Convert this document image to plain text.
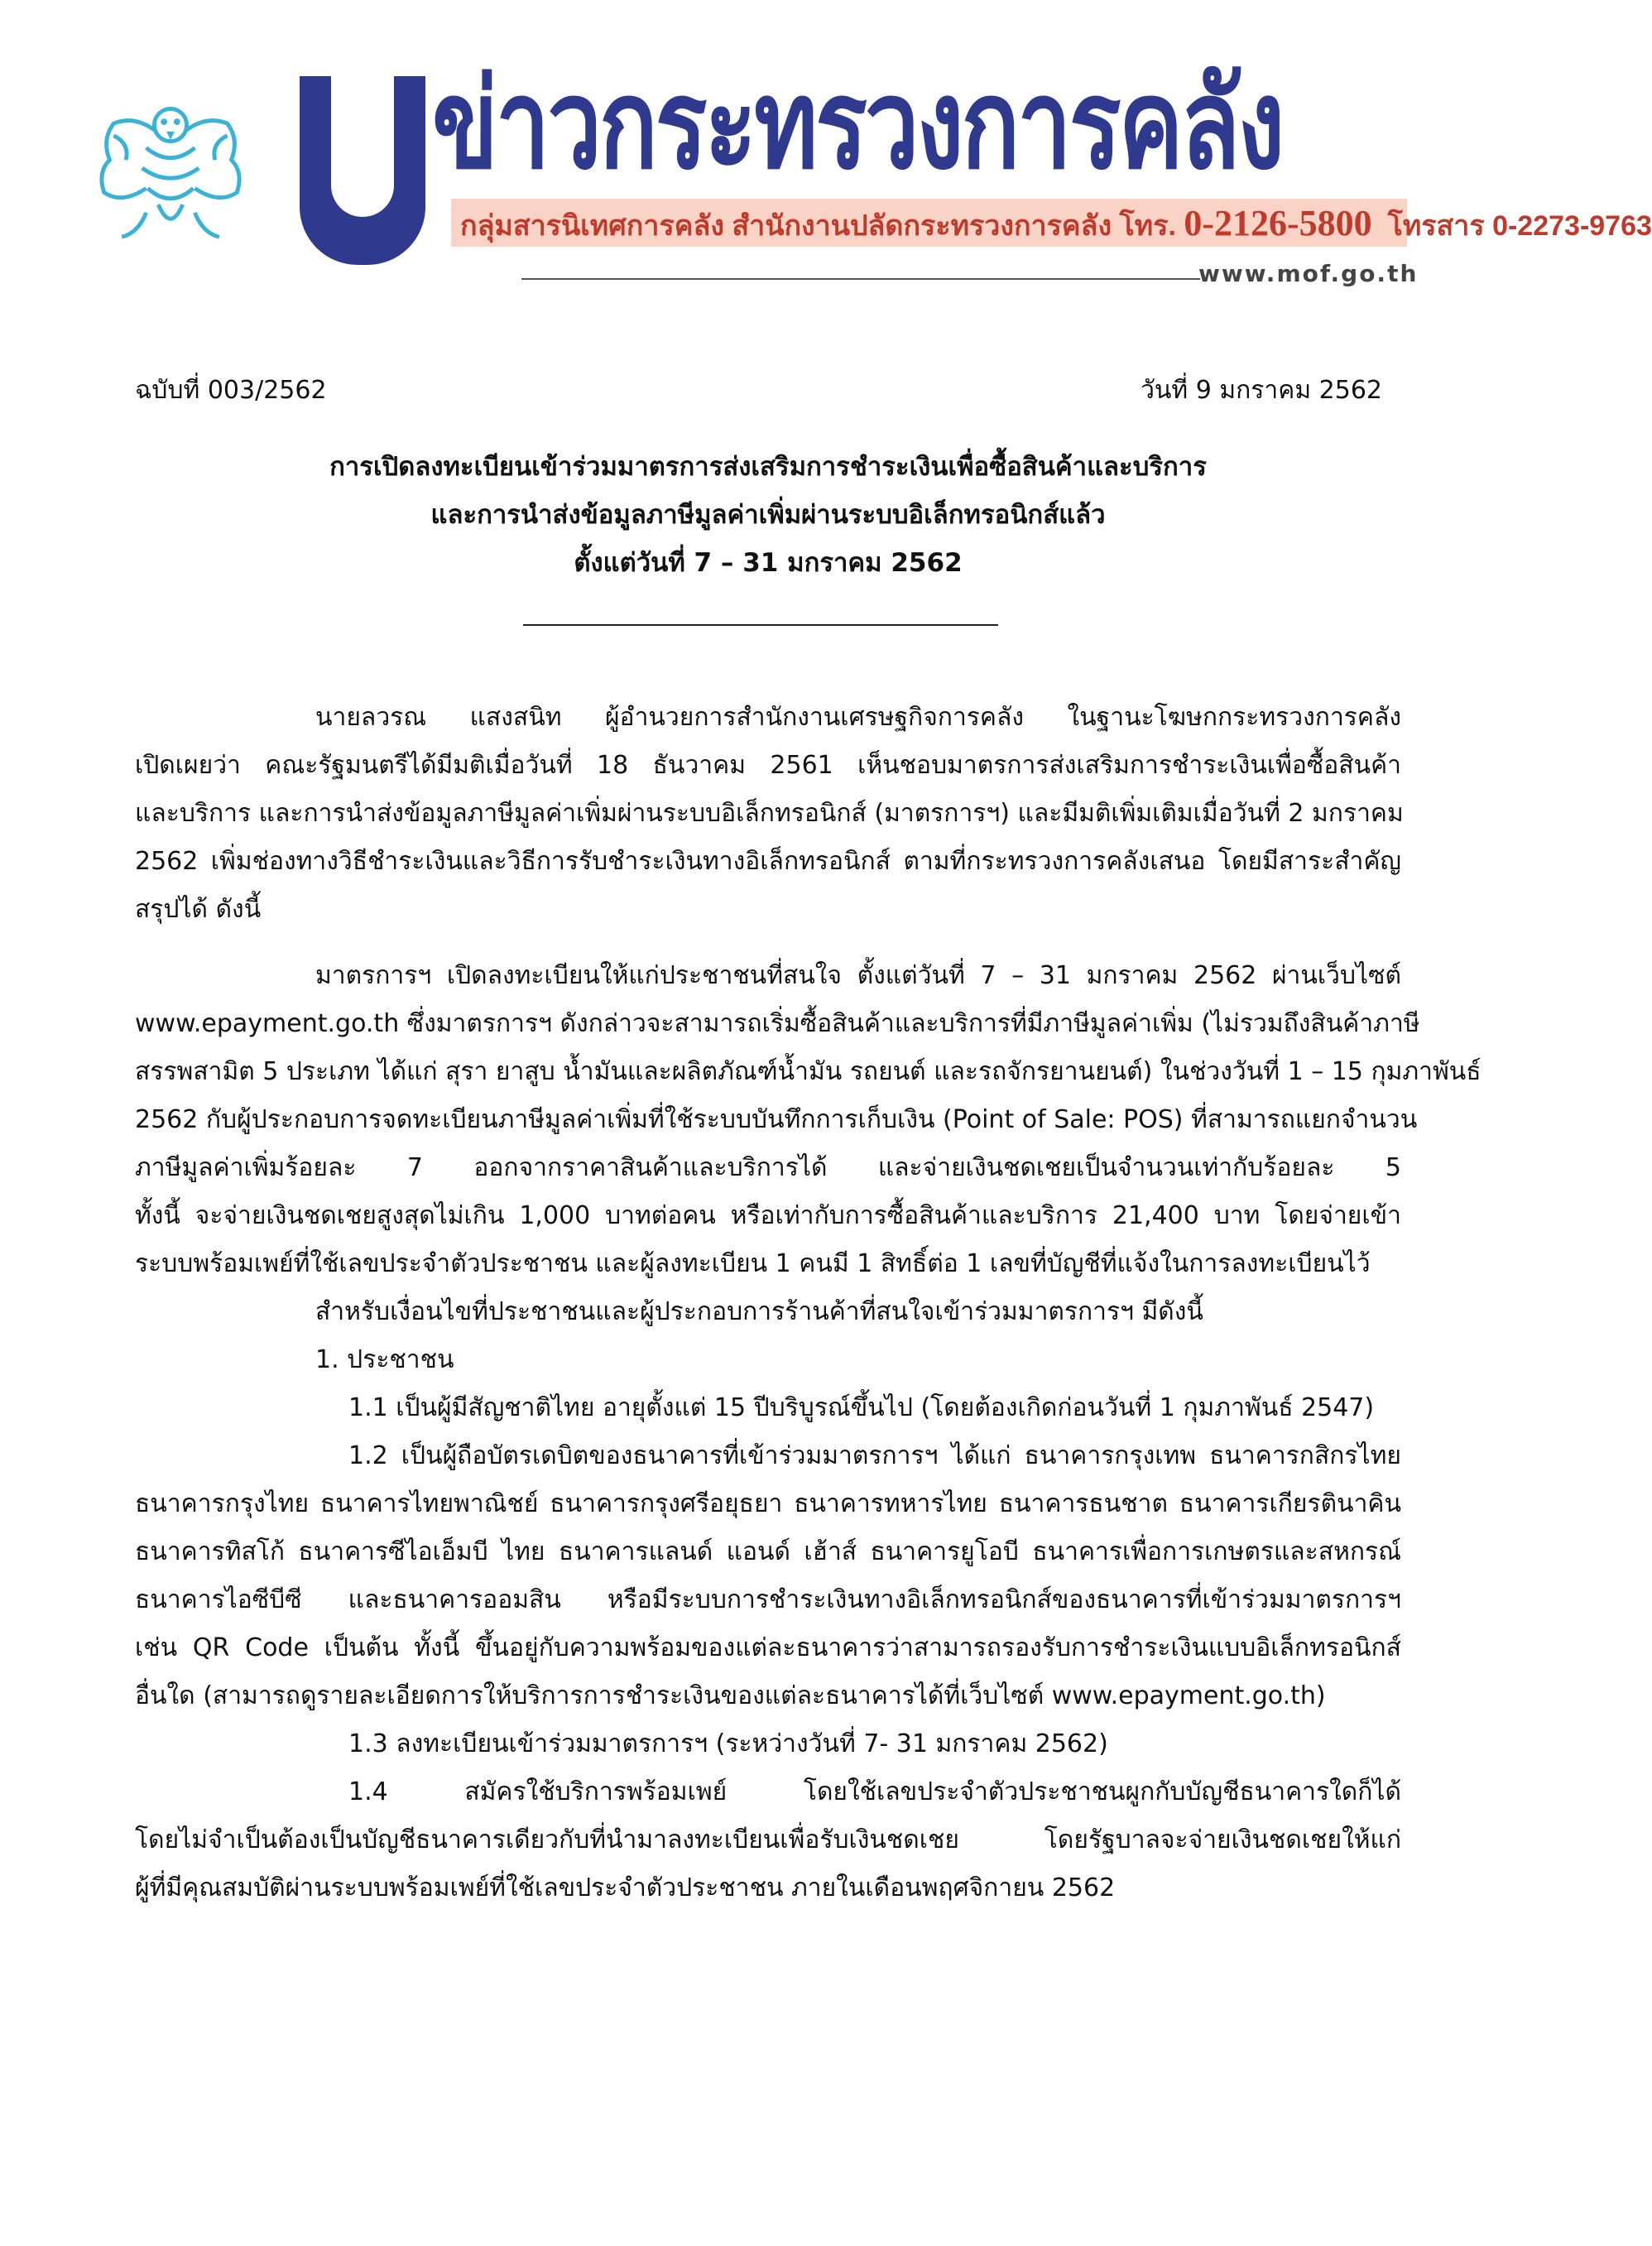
ข่าวกระทรวงการคลัง
กลุ่มสารนิเทศการคลัง สำนักงานปลัดกระทรวงการคลัง โทร. 0-2126-5800 โทรสาร 0-2273-9763
www.mof.go.th
ฉบับที่ 003/2562	วันที่ 9 มกราคม 2562
การเปิดลงทะเบียนเข้าร่วมมาตรการส่งเสริมการชำระเงินเพื่อซื้อสินค้าและบริการ
และการนำส่งข้อมูลภาษีมูลค่าเพิ่มผ่านระบบอิเล็กทรอนิกส์แล้ว
ตั้งแต่วันที่ 7 – 31 มกราคม 2562
นายลวรณ แสงสนิท ผู้อำนวยการสำนักงานเศรษฐกิจการคลัง ในฐานะโฆษกกระทรวงการคลัง
เปิดเผยว่า คณะรัฐมนตรีได้มีมติเมื่อวันที่ 18 ธันวาคม 2561 เห็นชอบมาตรการส่งเสริมการชำระเงินเพื่อซื้อสินค้า
และบริการ และการนำส่งข้อมูลภาษีมูลค่าเพิ่มผ่านระบบอิเล็กทรอนิกส์ (มาตรการฯ) และมีมติเพิ่มเติมเมื่อวันที่ 2 มกราคม
2562 เพิ่มช่องทางวิธีชำระเงินและวิธีการรับชำระเงินทางอิเล็กทรอนิกส์ ตามที่กระทรวงการคลังเสนอ โดยมีสาระสำคัญ
สรุปได้ ดังนี้
มาตรการฯ เปิดลงทะเบียนให้แก่ประชาชนที่สนใจ ตั้งแต่วันที่ 7 – 31 มกราคม 2562 ผ่านเว็บไซต์
www.epayment.go.th ซึ่งมาตรการฯ ดังกล่าวจะสามารถเริ่มซื้อสินค้าและบริการที่มีภาษีมูลค่าเพิ่ม (ไม่รวมถึงสินค้าภาษี
สรรพสามิต 5 ประเภท ได้แก่ สุรา ยาสูบ น้ำมันและผลิตภัณฑ์น้ำมัน รถยนต์ และรถจักรยานยนต์) ในช่วงวันที่ 1 – 15 กุมภาพันธ์
2562 กับผู้ประกอบการจดทะเบียนภาษีมูลค่าเพิ่มที่ใช้ระบบบันทึกการเก็บเงิน (Point of Sale: POS) ที่สามารถแยกจำนวน
ภาษีมูลค่าเพิ่มร้อยละ 7 ออกจากราคาสินค้าและบริการได้ และจ่ายเงินชดเชยเป็นจำนวนเท่ากับร้อยละ 5
ทั้งนี้ จะจ่ายเงินชดเชยสูงสุดไม่เกิน 1,000 บาทต่อคน หรือเท่ากับการซื้อสินค้าและบริการ 21,400 บาท โดยจ่ายเข้า
ระบบพร้อมเพย์ที่ใช้เลขประจำตัวประชาชน และผู้ลงทะเบียน 1 คนมี 1 สิทธิ์ต่อ 1 เลขที่บัญชีที่แจ้งในการลงทะเบียนไว้
สำหรับเงื่อนไขที่ประชาชนและผู้ประกอบการร้านค้าที่สนใจเข้าร่วมมาตรการฯ มีดังนี้
1. ประชาชน
1.1 เป็นผู้มีสัญชาติไทย อายุตั้งแต่ 15 ปีบริบูรณ์ขึ้นไป (โดยต้องเกิดก่อนวันที่ 1 กุมภาพันธ์ 2547)
1.2 เป็นผู้ถือบัตรเดบิตของธนาคารที่เข้าร่วมมาตรการฯ ได้แก่ ธนาคารกรุงเทพ ธนาคารกสิกรไทย
ธนาคารกรุงไทย ธนาคารไทยพาณิชย์ ธนาคารกรุงศรีอยุธยา ธนาคารทหารไทย ธนาคารธนชาต ธนาคารเกียรตินาคิน
ธนาคารทิสโก้ ธนาคารซีไอเอ็มบี ไทย ธนาคารแลนด์ แอนด์ เฮ้าส์ ธนาคารยูโอบี ธนาคารเพื่อการเกษตรและสหกรณ์
ธนาคารไอซีบีซี และธนาคารออมสิน หรือมีระบบการชำระเงินทางอิเล็กทรอนิกส์ของธนาคารที่เข้าร่วมมาตรการฯ
เช่น QR Code เป็นต้น ทั้งนี้ ขึ้นอยู่กับความพร้อมของแต่ละธนาคารว่าสามารถรองรับการชำระเงินแบบอิเล็กทรอนิกส์
อื่นใด (สามารถดูรายละเอียดการให้บริการการชำระเงินของแต่ละธนาคารได้ที่เว็บไซต์ www.epayment.go.th)
1.3 ลงทะเบียนเข้าร่วมมาตรการฯ (ระหว่างวันที่ 7- 31 มกราคม 2562)
1.4 สมัครใช้บริการพร้อมเพย์ โดยใช้เลขประจำตัวประชาชนผูกกับบัญชีธนาคารใดก็ได้
โดยไม่จำเป็นต้องเป็นบัญชีธนาคารเดียวกับที่นำมาลงทะเบียนเพื่อรับเงินชดเชย โดยรัฐบาลจะจ่ายเงินชดเชยให้แก่
ผู้ที่มีคุณสมบัติผ่านระบบพร้อมเพย์ที่ใช้เลขประจำตัวประชาชน ภายในเดือนพฤศจิกายน 2562
